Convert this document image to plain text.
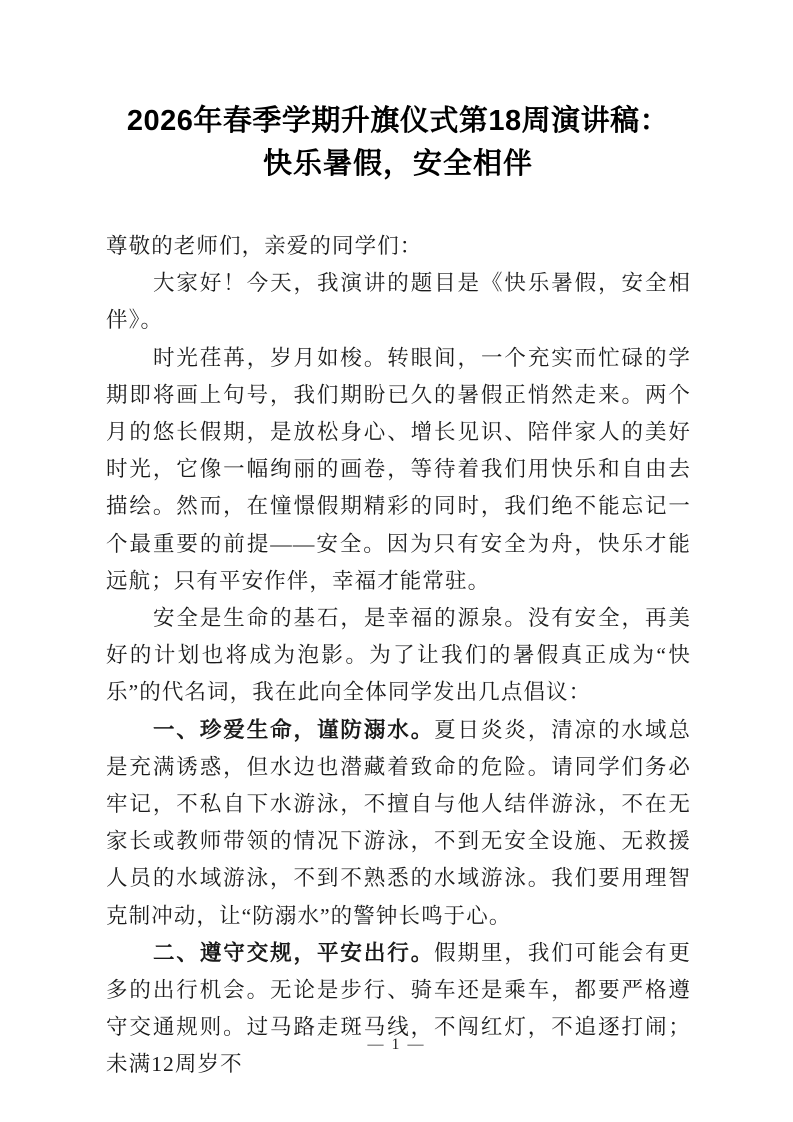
2026年春季学期升旗仪式第18周演讲稿：
快乐暑假，安全相伴

尊敬的老师们，亲爱的同学们：

大家好！今天，我演讲的题目是《快乐暑假，安全相伴》。

时光荏苒，岁月如梭。转眼间，一个充实而忙碌的学期即将画上句号，我们期盼已久的暑假正悄然走来。两个月的悠长假期，是放松身心、增长见识、陪伴家人的美好时光，它像一幅绚丽的画卷，等待着我们用快乐和自由去描绘。然而，在憧憬假期精彩的同时，我们绝不能忘记一个最重要的前提——安全。因为只有安全为舟，快乐才能远航；只有平安作伴，幸福才能常驻。

安全是生命的基石，是幸福的源泉。没有安全，再美好的计划也将成为泡影。为了让我们的暑假真正成为“快乐”的代名词，我在此向全体同学发出几点倡议：

一、珍爱生命，谨防溺水。夏日炎炎，清凉的水域总是充满诱惑，但水边也潜藏着致命的危险。请同学们务必牢记，不私自下水游泳，不擅自与他人结伴游泳，不在无家长或教师带领的情况下游泳，不到无安全设施、无救援人员的水域游泳，不到不熟悉的水域游泳。我们要用理智克制冲动，让“防溺水”的警钟长鸣于心。

二、遵守交规，平安出行。假期里，我们可能会有更多的出行机会。无论是步行、骑车还是乘车，都要严格遵守交通规则。过马路走斑马线，不闯红灯，不追逐打闹；未满12周岁不

— 1 —
